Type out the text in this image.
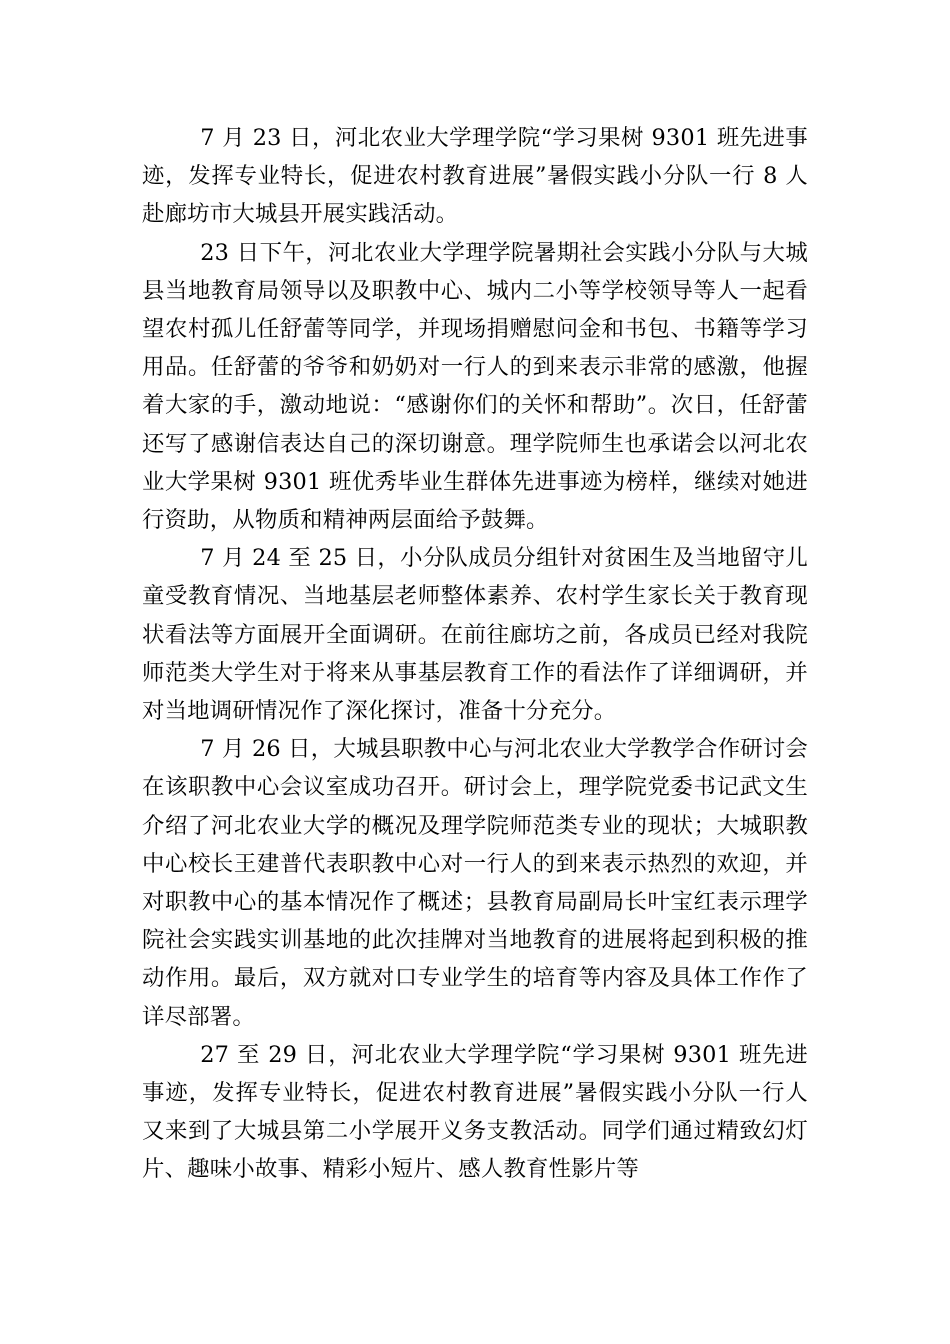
7 月 23 日，河北农业大学理学院“学习果树 9301 班先进事迹，发挥专业特长，促进农村教育进展”暑假实践小分队一行 8 人赴廊坊市大城县开展实践活动。

23 日下午，河北农业大学理学院暑期社会实践小分队与大城县当地教育局领导以及职教中心、城内二小等学校领导等人一起看望农村孤儿任舒蕾等同学，并现场捐赠慰问金和书包、书籍等学习用品。任舒蕾的爷爷和奶奶对一行人的到来表示非常的感激，他握着大家的手，激动地说：“感谢你们的关怀和帮助”。次日，任舒蕾还写了感谢信表达自己的深切谢意。理学院师生也承诺会以河北农业大学果树 9301 班优秀毕业生群体先进事迹为榜样，继续对她进行资助，从物质和精神两层面给予鼓舞。

7 月 24 至 25 日，小分队成员分组针对贫困生及当地留守儿童受教育情况、当地基层老师整体素养、农村学生家长关于教育现状看法等方面展开全面调研。在前往廊坊之前，各成员已经对我院师范类大学生对于将来从事基层教育工作的看法作了详细调研，并对当地调研情况作了深化探讨，准备十分充分。

7 月 26 日，大城县职教中心与河北农业大学教学合作研讨会在该职教中心会议室成功召开。研讨会上，理学院党委书记武文生介绍了河北农业大学的概况及理学院师范类专业的现状；大城职教中心校长王建普代表职教中心对一行人的到来表示热烈的欢迎，并对职教中心的基本情况作了概述；县教育局副局长叶宝红表示理学院社会实践实训基地的此次挂牌对当地教育的进展将起到积极的推动作用。最后，双方就对口专业学生的培育等内容及具体工作作了详尽部署。

27 至 29 日，河北农业大学理学院“学习果树 9301 班先进事迹，发挥专业特长，促进农村教育进展”暑假实践小分队一行人又来到了大城县第二小学展开义务支教活动。同学们通过精致幻灯片、趣味小故事、精彩小短片、感人教育性影片等
